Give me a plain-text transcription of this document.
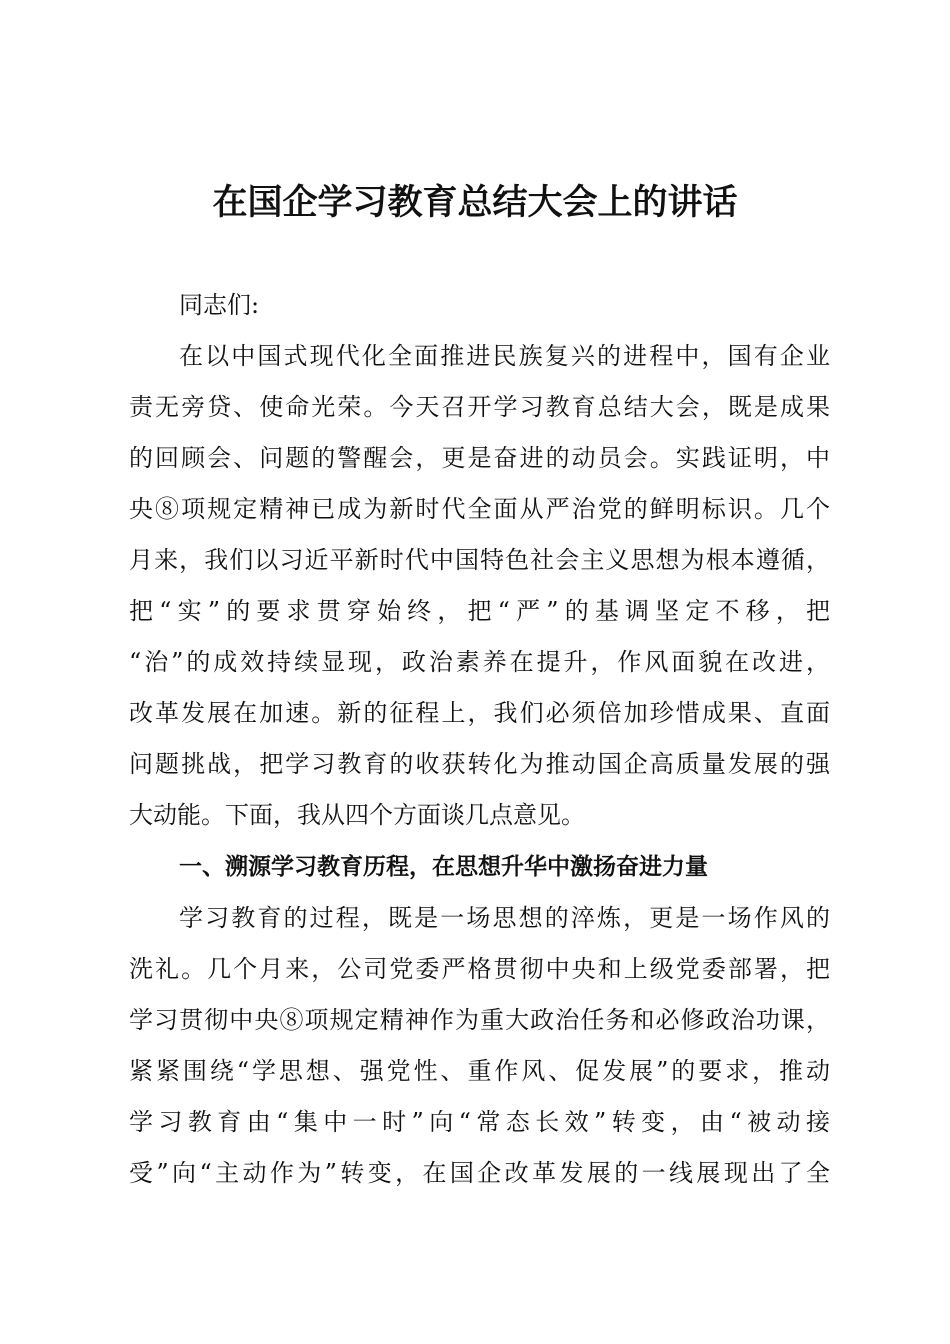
在国企学习教育总结大会上的讲话
同志们:
在以中国式现代化全面推进民族复兴的进程中，国有企业
责无旁贷、使命光荣。今天召开学习教育总结大会，既是成果
的回顾会、问题的警醒会，更是奋进的动员会。实践证明，中
央⑧项规定精神已成为新时代全面从严治党的鲜明标识。几个
月来，我们以习近平新时代中国特色社会主义思想为根本遵循，
把“实”的要求贯穿始终，把“严”的基调坚定不移，把
“治”的成效持续显现，政治素养在提升，作风面貌在改进，
改革发展在加速。新的征程上，我们必须倍加珍惜成果、直面
问题挑战，把学习教育的收获转化为推动国企高质量发展的强
大动能。下面，我从四个方面谈几点意见。
一、溯源学习教育历程，在思想升华中激扬奋进力量
学习教育的过程，既是一场思想的淬炼，更是一场作风的
洗礼。几个月来，公司党委严格贯彻中央和上级党委部署，把
学习贯彻中央⑧项规定精神作为重大政治任务和必修政治功课，
紧紧围绕“学思想、强党性、重作风、促发展”的要求，推动
学习教育由“集中一时”向“常态长效”转变，由“被动接
受”向“主动作为”转变，在国企改革发展的一线展现出了全
